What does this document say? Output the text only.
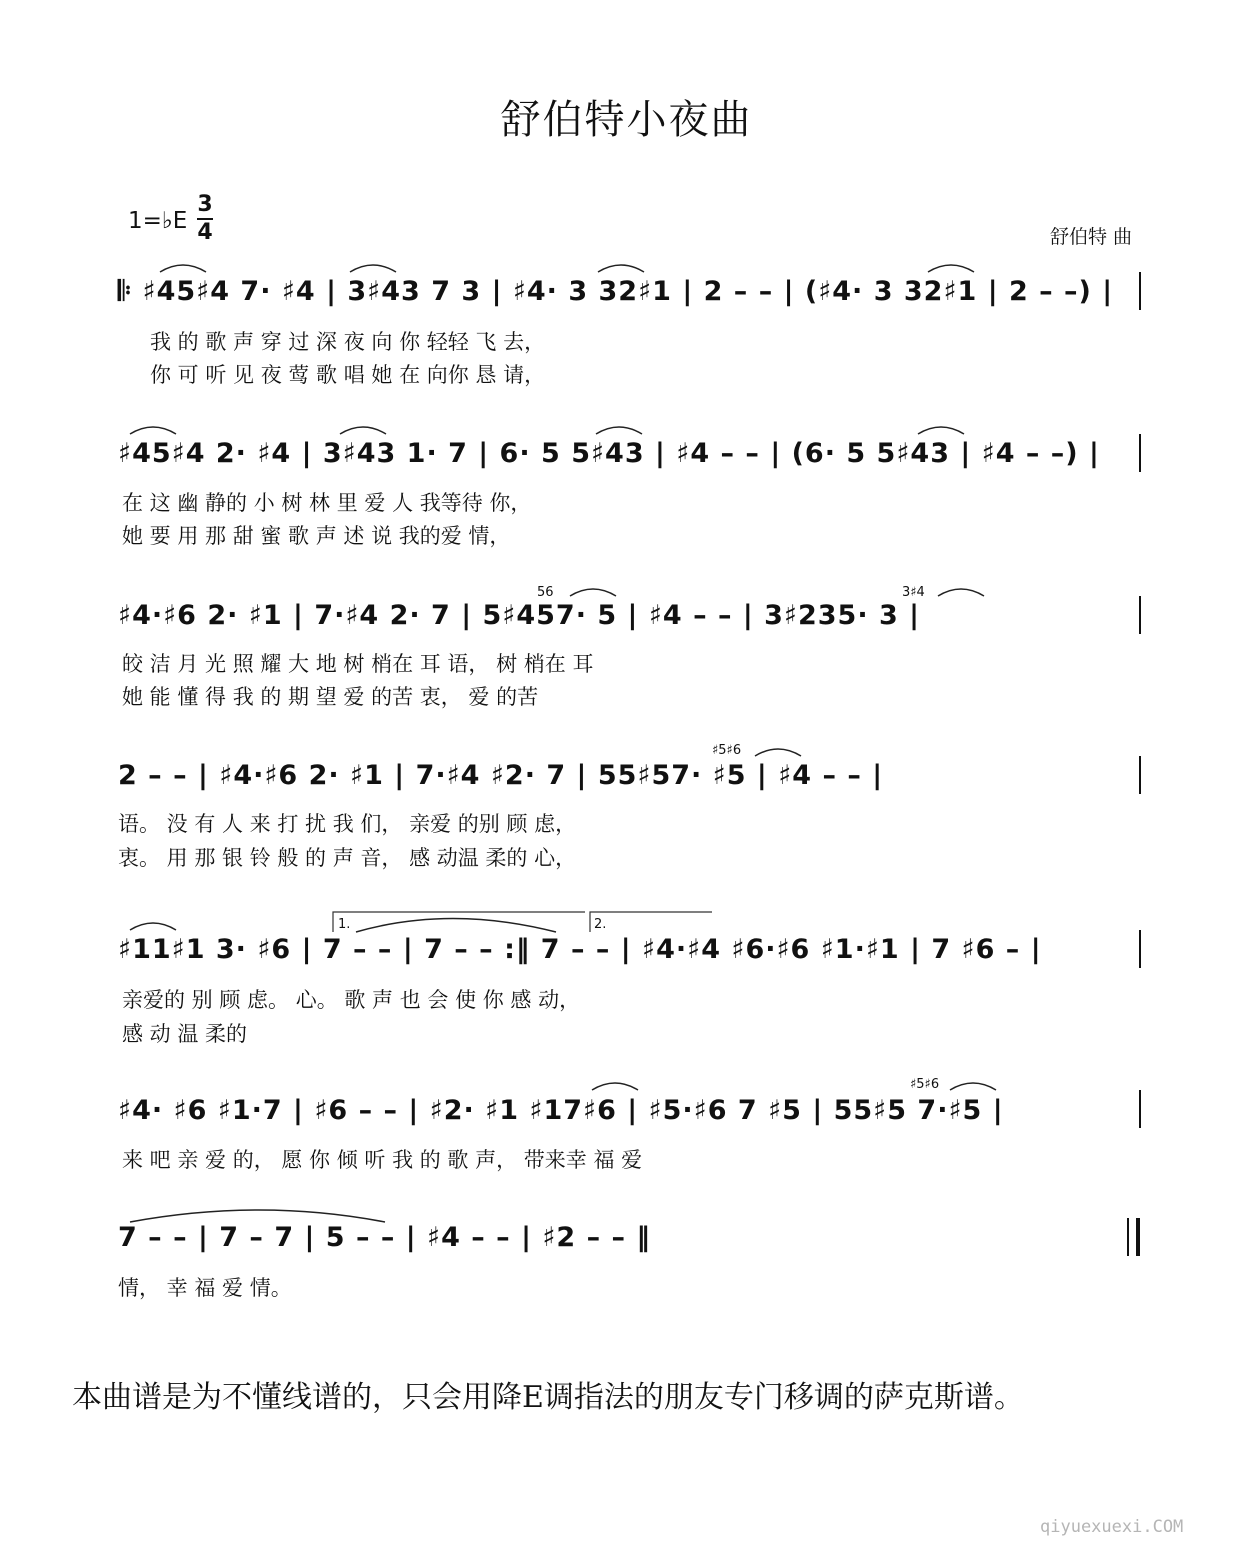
舒伯特小夜曲
1=♭E
3
4	舒伯特 曲
𝄆 ♯45♯4 7· ♯4 | 3♯43 7 3 | ♯4· 3 32♯1 | 2 – – | (♯4· 3 32♯1 | 2 – –) |
我 的 歌 声 穿 过 深 夜 向 你 轻轻 飞 去，
你 可 听 见 夜 莺 歌 唱 她 在 向你 恳 请，
♯45♯4 2· ♯4 | 3♯43 1· 7 | 6· 5 5♯43 | ♯4 – – | (6· 5 5♯43 | ♯4 – –) |
在 这 幽 静的 小 树 林 里 爱 人 我等待 你，
她 要 用 那 甜 蜜 歌 声 述 说 我的爱 情，
56	3♯4
♯4·♯6 2· ♯1 | 7·♯4 2· 7 | 5♯457· 5 | ♯4 – – | 3♯235· 3 |
皎 洁 月 光 照 耀 大 地 树 梢在 耳 语， 树 梢在 耳
她 能 懂 得 我 的 期 望 爱 的苦 衷， 爱 的苦
♯5♯6
2 – – | ♯4·♯6 2· ♯1 | 7·♯4 ♯2· 7 | 55♯57· ♯5 | ♯4 – – |
语。 没 有 人 来 打 扰 我 们， 亲爱 的别 顾 虑，
衷。 用 那 银 铃 般 的 声 音， 感 动温 柔的 心，
1.	2.
♯11♯1 3· ♯6 | 7 – – | 7 – – :‖ 7 – – | ♯4·♯4 ♯6·♯6 ♯1·♯1 | 7 ♯6 – |
亲爱的 别 顾 虑。 心。 歌 声 也 会 使 你 感 动，
感 动 温 柔的
♯5♯6
♯4· ♯6 ♯1·7 | ♯6 – – | ♯2· ♯1 ♯17♯6 | ♯5·♯6 7 ♯5 | 55♯5 7·♯5 |
来 吧 亲 爱 的， 愿 你 倾 听 我 的 歌 声， 带来幸 福 爱
7 – – | 7 – 7 | 5 – – | ♯4 – – | ♯2 – – ‖
情， 幸 福 爱 情。
本曲谱是为不懂线谱的，只会用降E调指法的朋友专门移调的萨克斯谱。
qiyuexuexi.COM
